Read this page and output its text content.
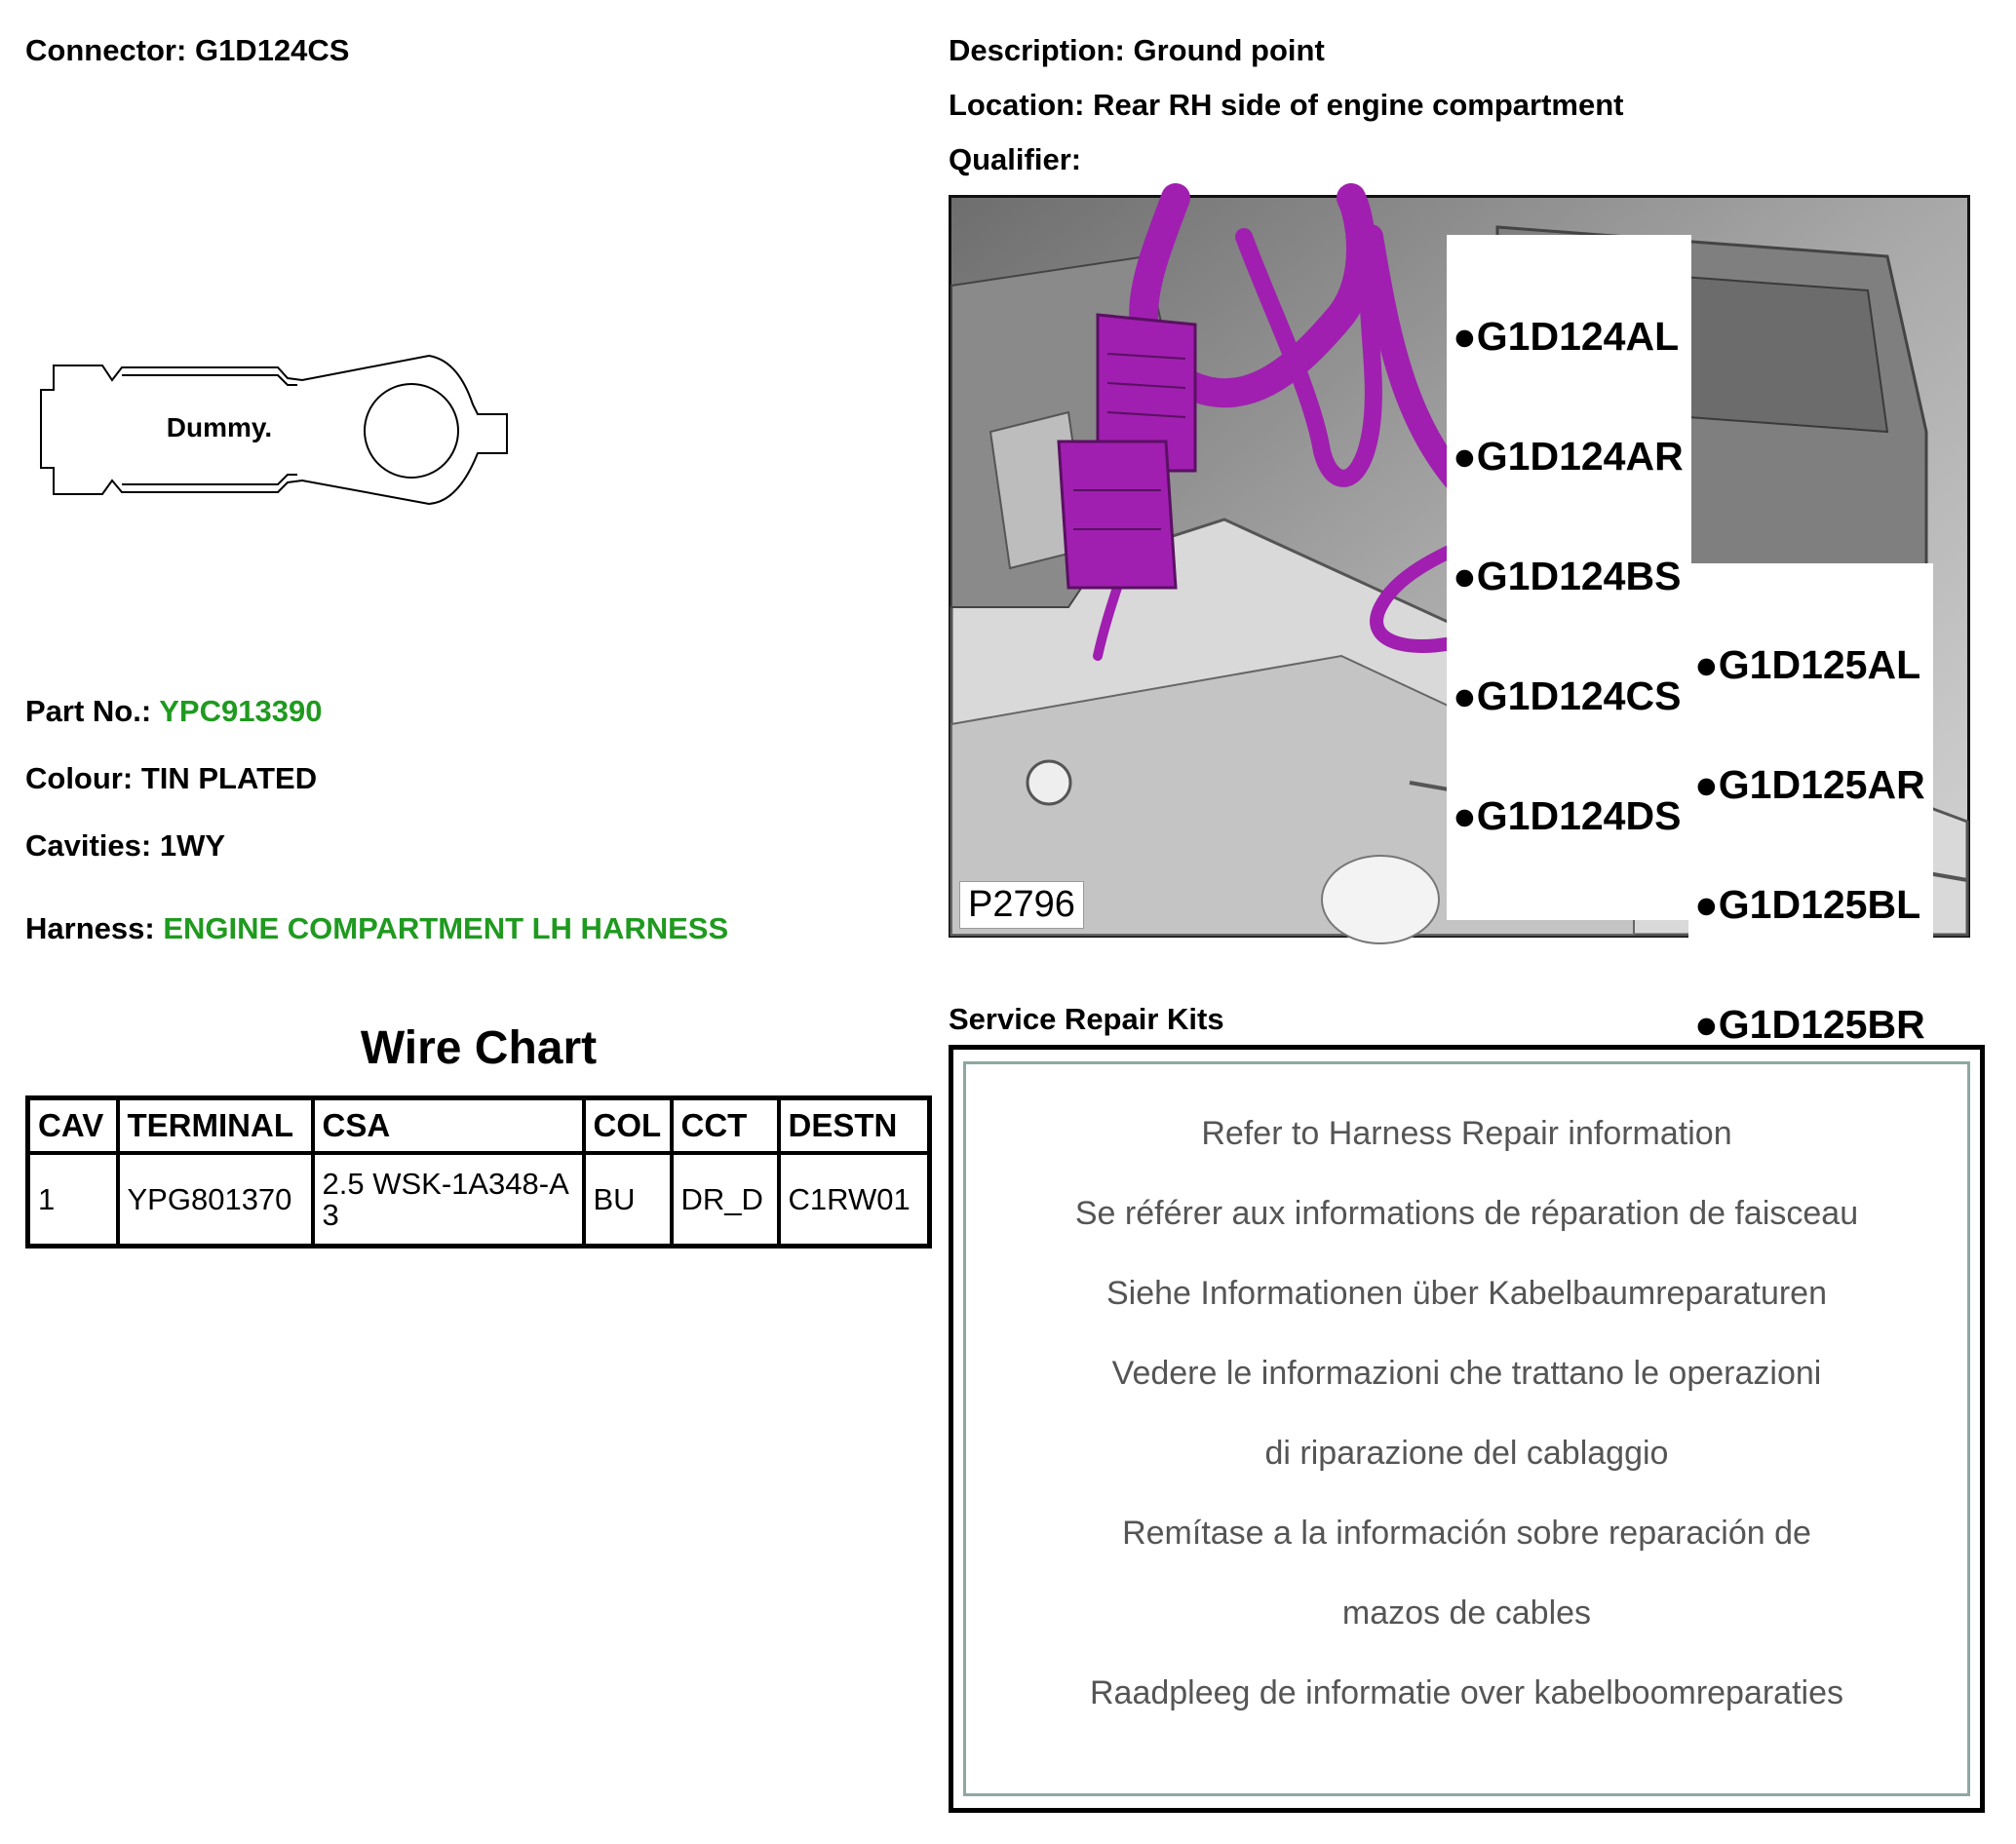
Connector: G1D124CS	Description: Ground point
Location: Rear RH side of engine compartment
Qualifier:
Dummy.
Part No.: YPC913390
Colour: TIN PLATED
Cavities: 1WY
Harness: ENGINE COMPARTMENT LH HARNESS
Wire Chart
CAV	TERMINAL	CSA	COL	CCT	DESTN
1	YPG801370	2.5 WSK-1A348-A3	BU	DR_D	C1RW01

●G1D124AL

●G1D124AR

●G1D124BS

●G1D124CS

●G1D124DS

●G1D125AL

●G1D125AR

●G1D125BL

●G1D125BR

P2796
Service Repair Kits
Refer to Harness Repair information
Se référer aux informations de réparation de faisceau
Siehe Informationen über Kabelbaumreparaturen
Vedere le informazioni che trattano le operazioni
di riparazione del cablaggio
Remítase a la información sobre reparación de
mazos de cables
Raadpleeg de informatie over kabelboomreparaties
